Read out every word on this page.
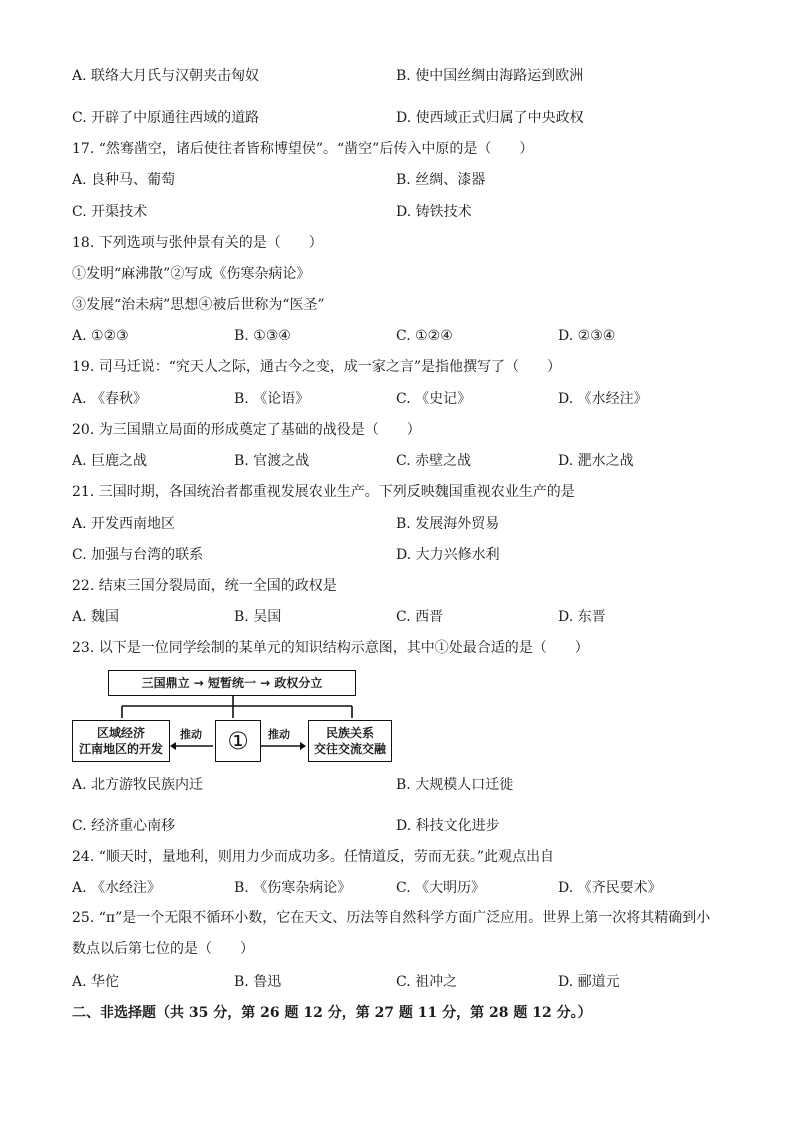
A. 联络大月氏与汉朝夹击匈奴	B. 使中国丝绸由海路运到欧洲
C. 开辟了中原通往西域的道路	D. 使西域正式归属了中央政权
17. “然骞凿空，诸后使往者皆称博望侯”。“凿空”后传入中原的是（　　）
A. 良种马、葡萄	B. 丝绸、漆器
C. 开渠技术	D. 铸铁技术
18. 下列选项与张仲景有关的是（　　）
①发明“麻沸散”②写成《伤寒杂病论》
③发展“治未病”思想④被后世称为“医圣”
A. ①②③	B. ①③④	C. ①②④	D. ②③④
19. 司马迁说：“究天人之际，通古今之变，成一家之言”是指他撰写了（　　）
A. 《春秋》	B. 《论语》	C. 《史记》	D. 《水经注》
20. 为三国鼎立局面的形成奠定了基础的战役是（　　）
A. 巨鹿之战	B. 官渡之战	C. 赤壁之战	D. 淝水之战
21. 三国时期，各国统治者都重视发展农业生产。下列反映魏国重视农业生产的是
A. 开发西南地区	B. 发展海外贸易
C. 加强与台湾的联系	D. 大力兴修水利
22. 结束三国分裂局面，统一全国的政权是
A. 魏国	B. 吴国	C. 西晋	D. 东晋
23. 以下是一位同学绘制的某单元的知识结构示意图，其中①处最合适的是（　　）
三国鼎立 → 短暂统一 → 政权分立
区域经济
江南地区的开发
推动	①	推动	民族关系
交往交流交融
A. 北方游牧民族内迁	B. 大规模人口迁徙
C. 经济重心南移	D. 科技文化进步
24. “顺天时，量地利，则用力少而成功多。任情道反，劳而无获。”此观点出自
A. 《水经注》	B. 《伤寒杂病论》	C. 《大明历》	D. 《齐民要术》
25. “π”是一个无限不循环小数，它在天文、历法等自然科学方面广泛应用。世界上第一次将其精确到小数点以后第七位的是（　　）
A. 华佗	B. 鲁迅	C. 祖冲之	D. 郦道元
二、非选择题（共 35 分，第 26 题 12 分，第 27 题 11 分，第 28 题 12 分。）
